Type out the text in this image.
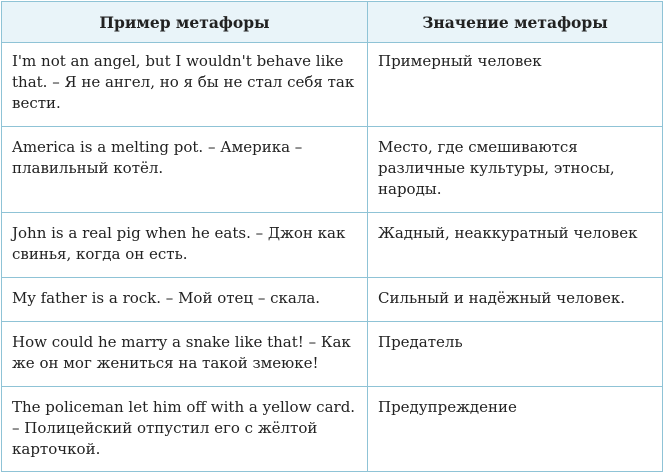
Пример метафоры	Значение метафоры
I'm not an angel, but I wouldn't behave like that. – Я не ангел, но я бы не стал себя так вести.	Примерный человек
America is a melting pot. – Америка – плавильный котёл.	Место, где смешиваются различные культуры, этносы, народы.
John is a real pig when he eats. – Джон как свинья, когда он есть.	Жадный, неаккуратный человек
My father is a rock. – Мой отец – скала.	Сильный и надёжный человек.
How could he marry a snake like that! – Как же он мог жениться на такой змеюке!	Предатель
The policeman let him off with a yellow card. – Полицейский отпустил его с жёлтой карточкой.	Предупреждение
